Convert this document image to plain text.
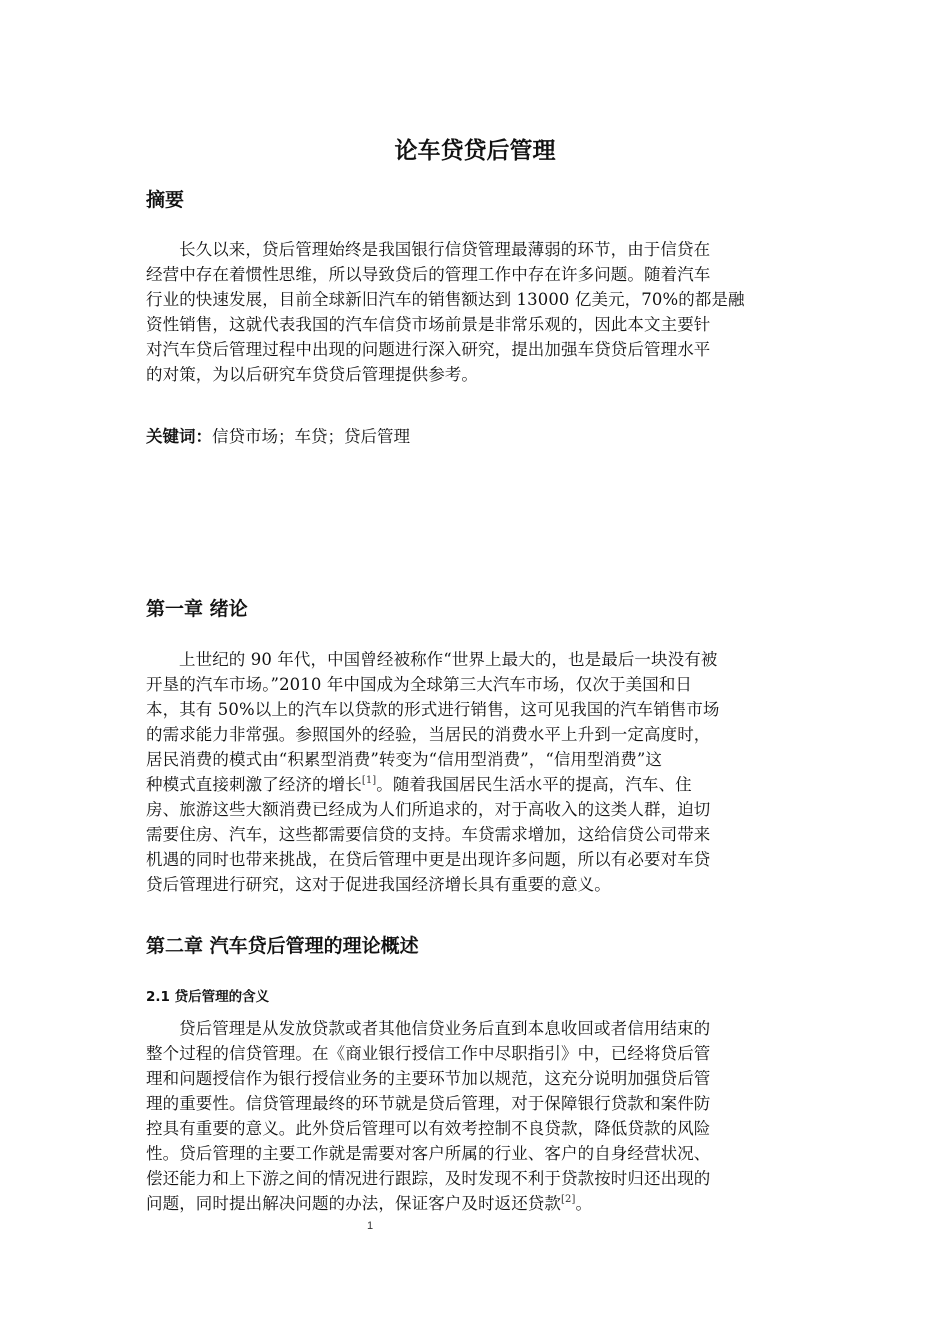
论车贷贷后管理
摘要
长久以来，贷后管理始终是我国银行信贷管理最薄弱的环节，由于信贷在
经营中存在着惯性思维，所以导致贷后的管理工作中存在许多问题。随着汽车
行业的快速发展，目前全球新旧汽车的销售额达到 13000 亿美元，70%的都是融
资性销售，这就代表我国的汽车信贷市场前景是非常乐观的，因此本文主要针
对汽车贷后管理过程中出现的问题进行深入研究，提出加强车贷贷后管理水平
的对策，为以后研究车贷贷后管理提供参考。

关键词：信贷市场；车贷；贷后管理

第一章 绪论
上世纪的 90 年代，中国曾经被称作“世界上最大的，也是最后一块没有被
开垦的汽车市场。”2010 年中国成为全球第三大汽车市场，仅次于美国和日
本，其有 50%以上的汽车以贷款的形式进行销售，这可见我国的汽车销售市场
的需求能力非常强。参照国外的经验，当居民的消费水平上升到一定高度时，
居民消费的模式由“积累型消费”转变为“信用型消费”，“信用型消费”这
种模式直接刺激了经济的增长[1]。随着我国居民生活水平的提高，汽车、住
房、旅游这些大额消费已经成为人们所追求的，对于高收入的这类人群，迫切
需要住房、汽车，这些都需要信贷的支持。车贷需求增加，这给信贷公司带来
机遇的同时也带来挑战，在贷后管理中更是出现许多问题，所以有必要对车贷
贷后管理进行研究，这对于促进我国经济增长具有重要的意义。
第二章 汽车贷后管理的理论概述
2.1 贷后管理的含义
贷后管理是从发放贷款或者其他信贷业务后直到本息收回或者信用结束的
整个过程的信贷管理。在《商业银行授信工作中尽职指引》中，已经将贷后管
理和问题授信作为银行授信业务的主要环节加以规范，这充分说明加强贷后管
理的重要性。信贷管理最终的环节就是贷后管理，对于保障银行贷款和案件防
控具有重要的意义。此外贷后管理可以有效考控制不良贷款，降低贷款的风险
性。贷后管理的主要工作就是需要对客户所属的行业、客户的自身经营状况、
偿还能力和上下游之间的情况进行跟踪，及时发现不利于贷款按时归还出现的
问题，同时提出解决问题的办法，保证客户及时返还贷款[2]。
1
